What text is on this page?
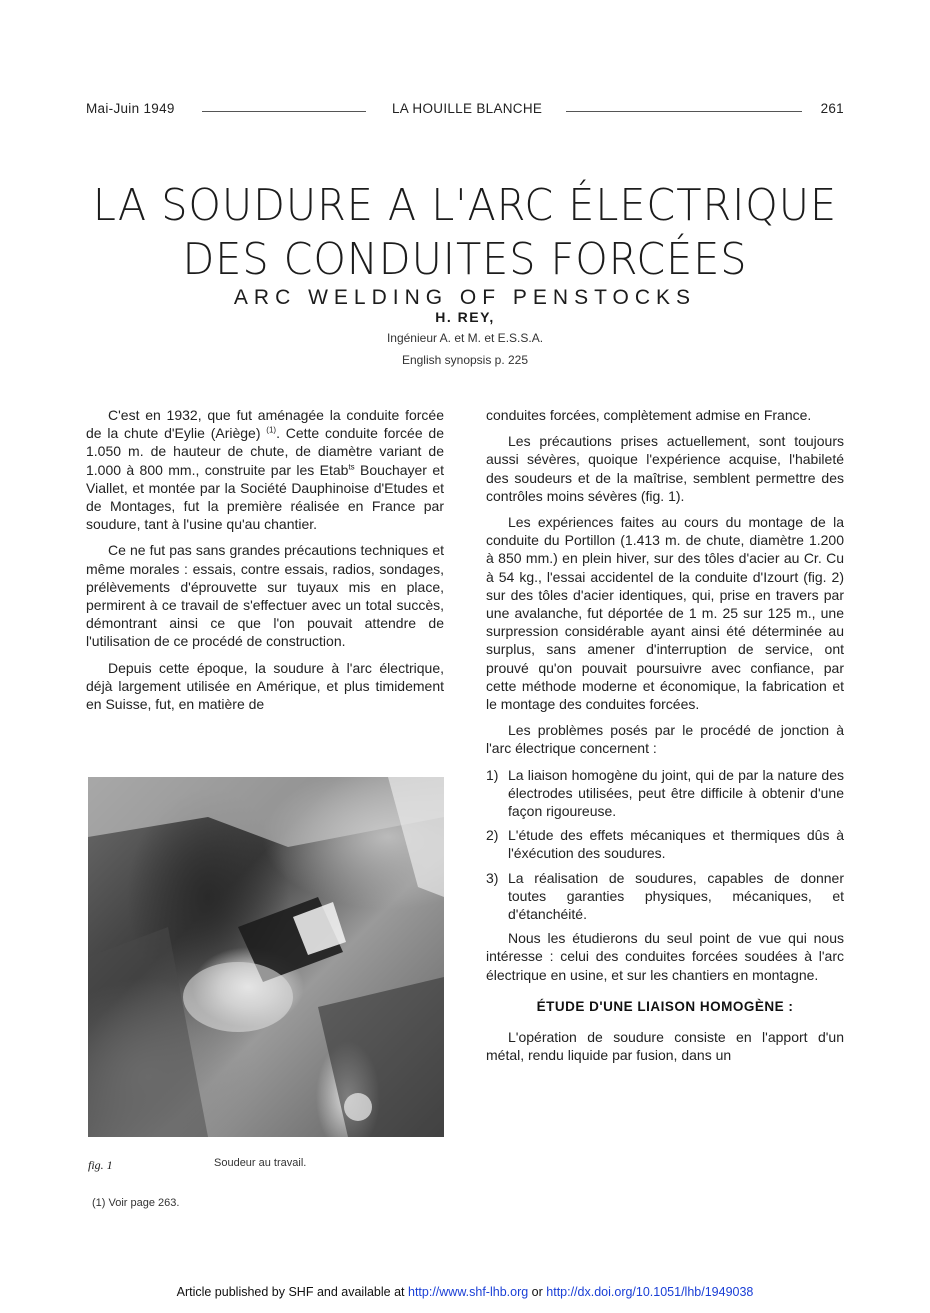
Mai-Juin 1949	LA HOUILLE BLANCHE	261
LA SOUDURE A L'ARC ÉLECTRIQUE
DES CONDUITES FORCÉES
ARC WELDING OF PENSTOCKS
H. REY,
Ingénieur A. et M. et E.S.S.A.
English synopsis p. 225

C'est en 1932, que fut aménagée la conduite forcée de la chute d'Eylie (Ariège) $^{(1)}$. Cette conduite forcée de 1.050 m. de hauteur de chute, de diamètre variant de 1.000 à 800 mm., construite par les Etab$^{ts}$ Bouchayer et Viallet, et montée par la Société Dauphinoise d'Etudes et de Montages, fut la première réalisée en France par soudure, tant à l'usine qu'au chantier.

Ce ne fut pas sans grandes précautions techniques et même morales : essais, contre essais, radios, sondages, prélèvements d'éprouvette sur tuyaux mis en place, permirent à ce travail de s'effectuer avec un total succès, démontrant ainsi ce que l'on pouvait attendre de l'utilisation de ce procédé de construction.

Depuis cette époque, la soudure à l'arc électrique, déjà largement utilisée en Amérique, et plus timidement en Suisse, fut, en matière de

fig. 1	Soudeur au travail.
(1) Voir page 263.

conduites forcées, complètement admise en France.

Les précautions prises actuellement, sont toujours aussi sévères, quoique l'expérience acquise, l'habileté des soudeurs et de la maîtrise, semblent permettre des contrôles moins sévères (fig. 1).

Les expériences faites au cours du montage de la conduite du Portillon (1.413 m. de chute, diamètre 1.200 à 850 mm.) en plein hiver, sur des tôles d'acier au Cr. Cu à 54 kg., l'essai accidentel de la conduite d'Izourt (fig. 2) sur des tôles d'acier identiques, qui, prise en travers par une avalanche, fut déportée de 1 m. 25 sur 125 m., une surpression considérable ayant ainsi été déterminée au surplus, sans amener d'interruption de service, ont prouvé qu'on pouvait poursuivre avec confiance, par cette méthode moderne et économique, la fabrication et le montage des conduites forcées.

Les problèmes posés par le procédé de jonction à l'arc électrique concernent :

1) La liaison homogène du joint, qui de par la nature des électrodes utilisées, peut être difficile à obtenir d'une façon rigoureuse.
2) L'étude des effets mécaniques et thermiques dûs à l'éxécution des soudures.
3) La réalisation de soudures, capables de donner toutes garanties physiques, mécaniques, et d'étanchéité.

Nous les étudierons du seul point de vue qui nous intéresse : celui des conduites forcées soudées à l'arc électrique en usine, et sur les chantiers en montagne.

ÉTUDE D'UNE LIAISON HOMOGÈNE :

L'opération de soudure consiste en l'apport d'un métal, rendu liquide par fusion, dans un

Article published by SHF and available at http://www.shf-lhb.org or http://dx.doi.org/10.1051/lhb/1949038
